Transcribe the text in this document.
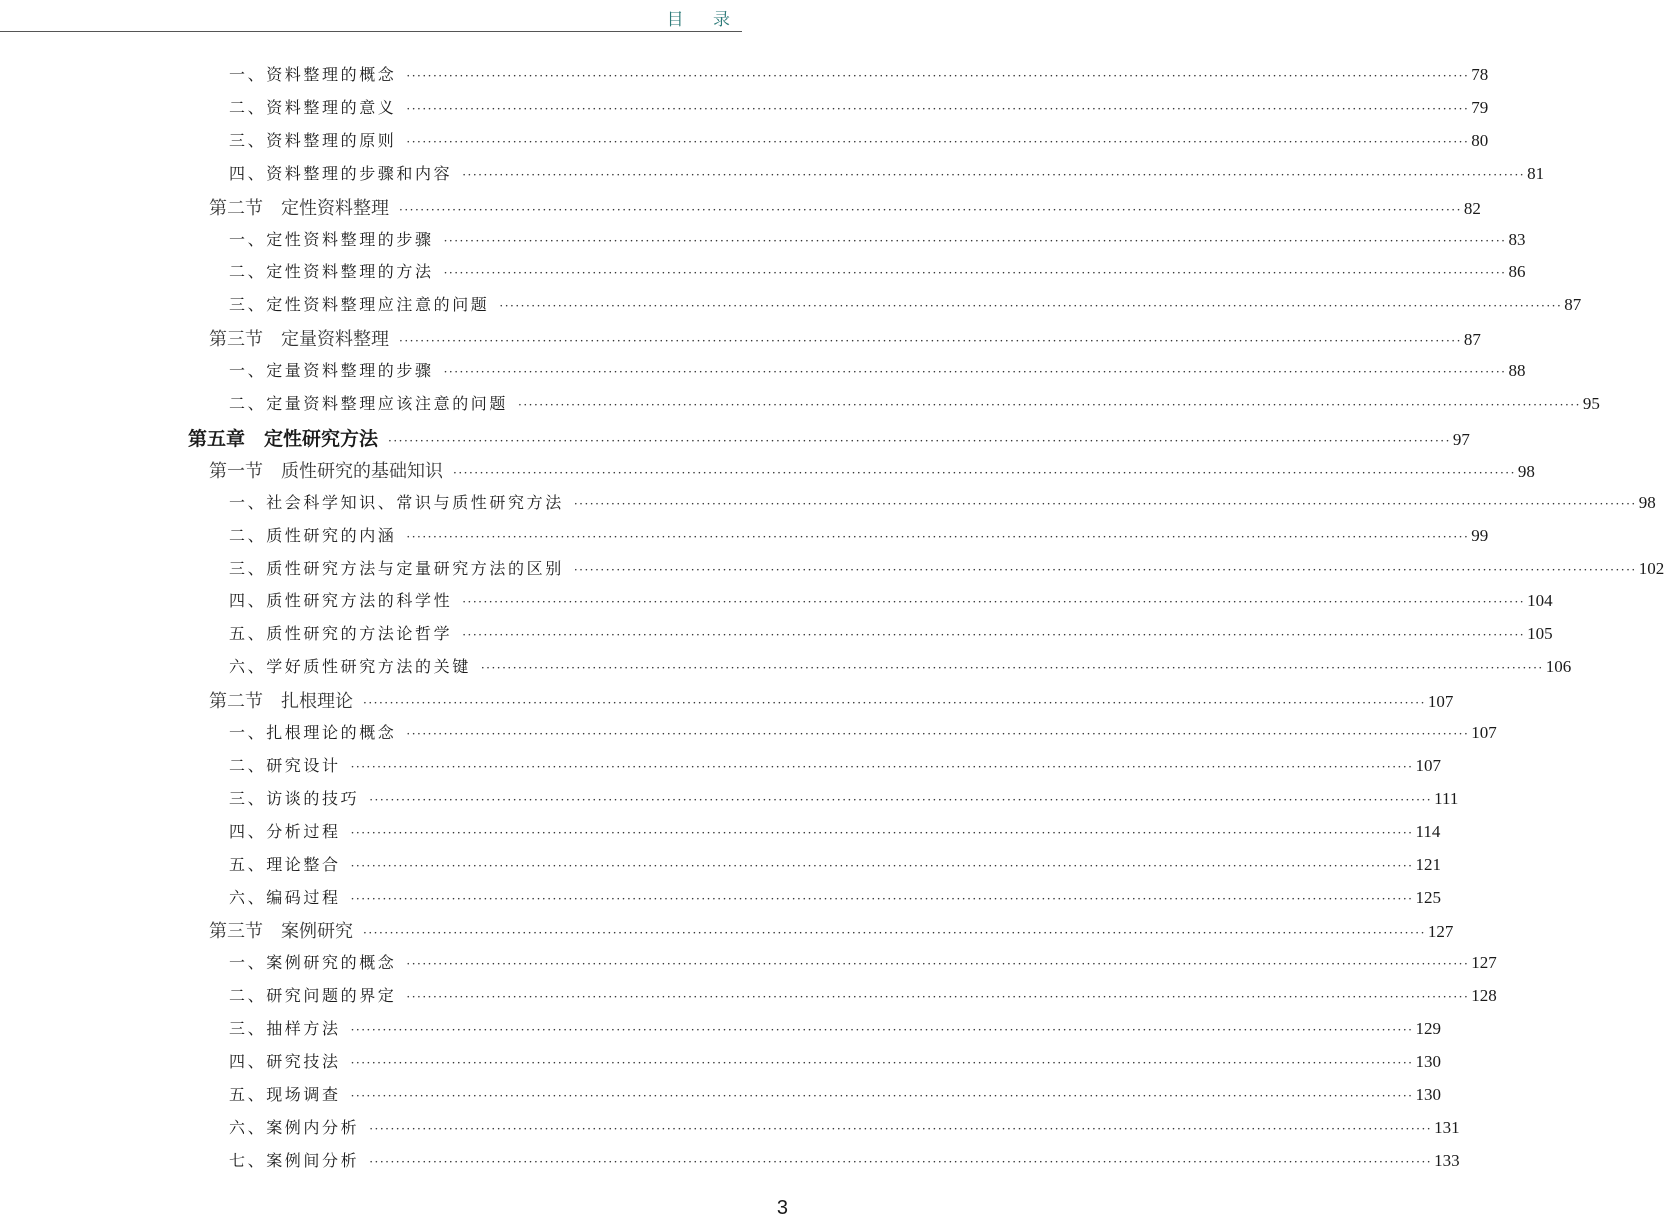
目 录
一、资料整理的概念 ········································································································································································································ 78
二、资料整理的意义 ········································································································································································································ 79
三、资料整理的原则 ········································································································································································································ 80
四、资料整理的步骤和内容 ········································································································································································································ 81
第二节　定性资料整理 ········································································································································································································ 82
一、定性资料整理的步骤 ········································································································································································································ 83
二、定性资料整理的方法 ········································································································································································································ 86
三、定性资料整理应注意的问题 ········································································································································································································ 87
第三节　定量资料整理 ········································································································································································································ 87
一、定量资料整理的步骤 ········································································································································································································ 88
二、定量资料整理应该注意的问题 ········································································································································································································ 95
第五章　定性研究方法 ········································································································································································································ 97
第一节　质性研究的基础知识 ········································································································································································································ 98
一、社会科学知识、常识与质性研究方法 ········································································································································································································ 98
二、质性研究的内涵 ········································································································································································································ 99
三、质性研究方法与定量研究方法的区别 ········································································································································································································ 102
四、质性研究方法的科学性 ········································································································································································································ 104
五、质性研究的方法论哲学 ········································································································································································································ 105
六、学好质性研究方法的关键 ········································································································································································································ 106
第二节　扎根理论 ········································································································································································································ 107
一、扎根理论的概念 ········································································································································································································ 107
二、研究设计 ········································································································································································································ 107
三、访谈的技巧 ········································································································································································································ 111
四、分析过程 ········································································································································································································ 114
五、理论整合 ········································································································································································································ 121
六、编码过程 ········································································································································································································ 125
第三节　案例研究 ········································································································································································································ 127
一、案例研究的概念 ········································································································································································································ 127
二、研究问题的界定 ········································································································································································································ 128
三、抽样方法 ········································································································································································································ 129
四、研究技法 ········································································································································································································ 130
五、现场调查 ········································································································································································································ 130
六、案例内分析 ········································································································································································································ 131
七、案例间分析 ········································································································································································································ 133
3
